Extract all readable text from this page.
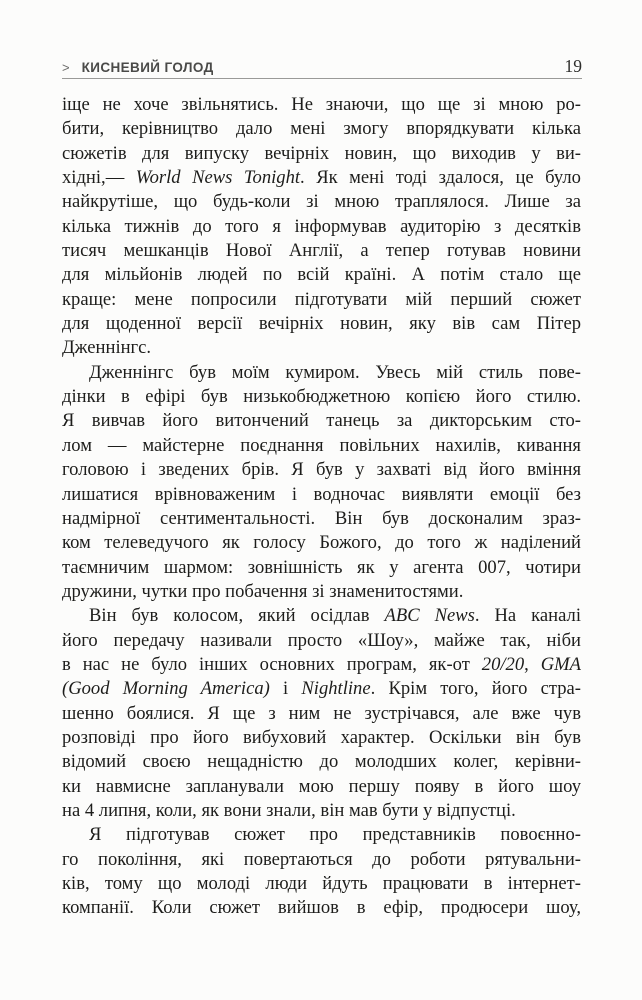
> КИСНЕВИЙ ГОЛОД	19
іще не хоче звільнятись. Не знаючи, що ще зі мною ро-
бити, керівництво дало мені змогу впорядкувати кілька
сюжетів для випуску вечірніх новин, що виходив у ви-
хідні,— World News Tonight. Як мені тоді здалося, це було
найкрутіше, що будь-коли зі мною траплялося. Лише за
кілька тижнів до того я інформував аудиторію з десятків
тисяч мешканців Нової Англії, а тепер готував новини
для мільйонів людей по всій країні. А потім стало ще
краще: мене попросили підготувати мій перший сюжет
для щоденної версії вечірніх новин, яку вів сам Пітер
Дженнінгс.
Дженнінгс був моїм кумиром. Увесь мій стиль пове-
дінки в ефірі був низькобюджетною копією його стилю.
Я вивчав його витончений танець за дикторським сто-
лом — майстерне поєднання повільних нахилів, кивання
головою і зведених брів. Я був у захваті від його вміння
лишатися врівноваженим і водночас виявляти емоції без
надмірної сентиментальності. Він був досконалим зраз-
ком телеведучого як голосу Божого, до того ж наділений
таємничим шармом: зовнішність як у агента 007, чотири
дружини, чутки про побачення зі знаменитостями.
Він був колосом, який осідлав ABC News. На каналі
його передачу називали просто «Шоу», майже так, ніби
в нас не було інших основних програм, як-от 20/20, GMA
(Good Morning America) і Nightline. Крім того, його стра-
шенно боялися. Я ще з ним не зустрічався, але вже чув
розповіді про його вибуховий характер. Оскільки він був
відомий своєю нещадністю до молодших колег, керівни-
ки навмисне запланували мою першу появу в його шоу
на 4 липня, коли, як вони знали, він мав бути у відпустці.
Я підготував сюжет про представників повоєнно-
го покоління, які повертаються до роботи рятувальни-
ків, тому що молоді люди йдуть працювати в інтернет-
компанії. Коли сюжет вийшов в ефір, продюсери шоу,
